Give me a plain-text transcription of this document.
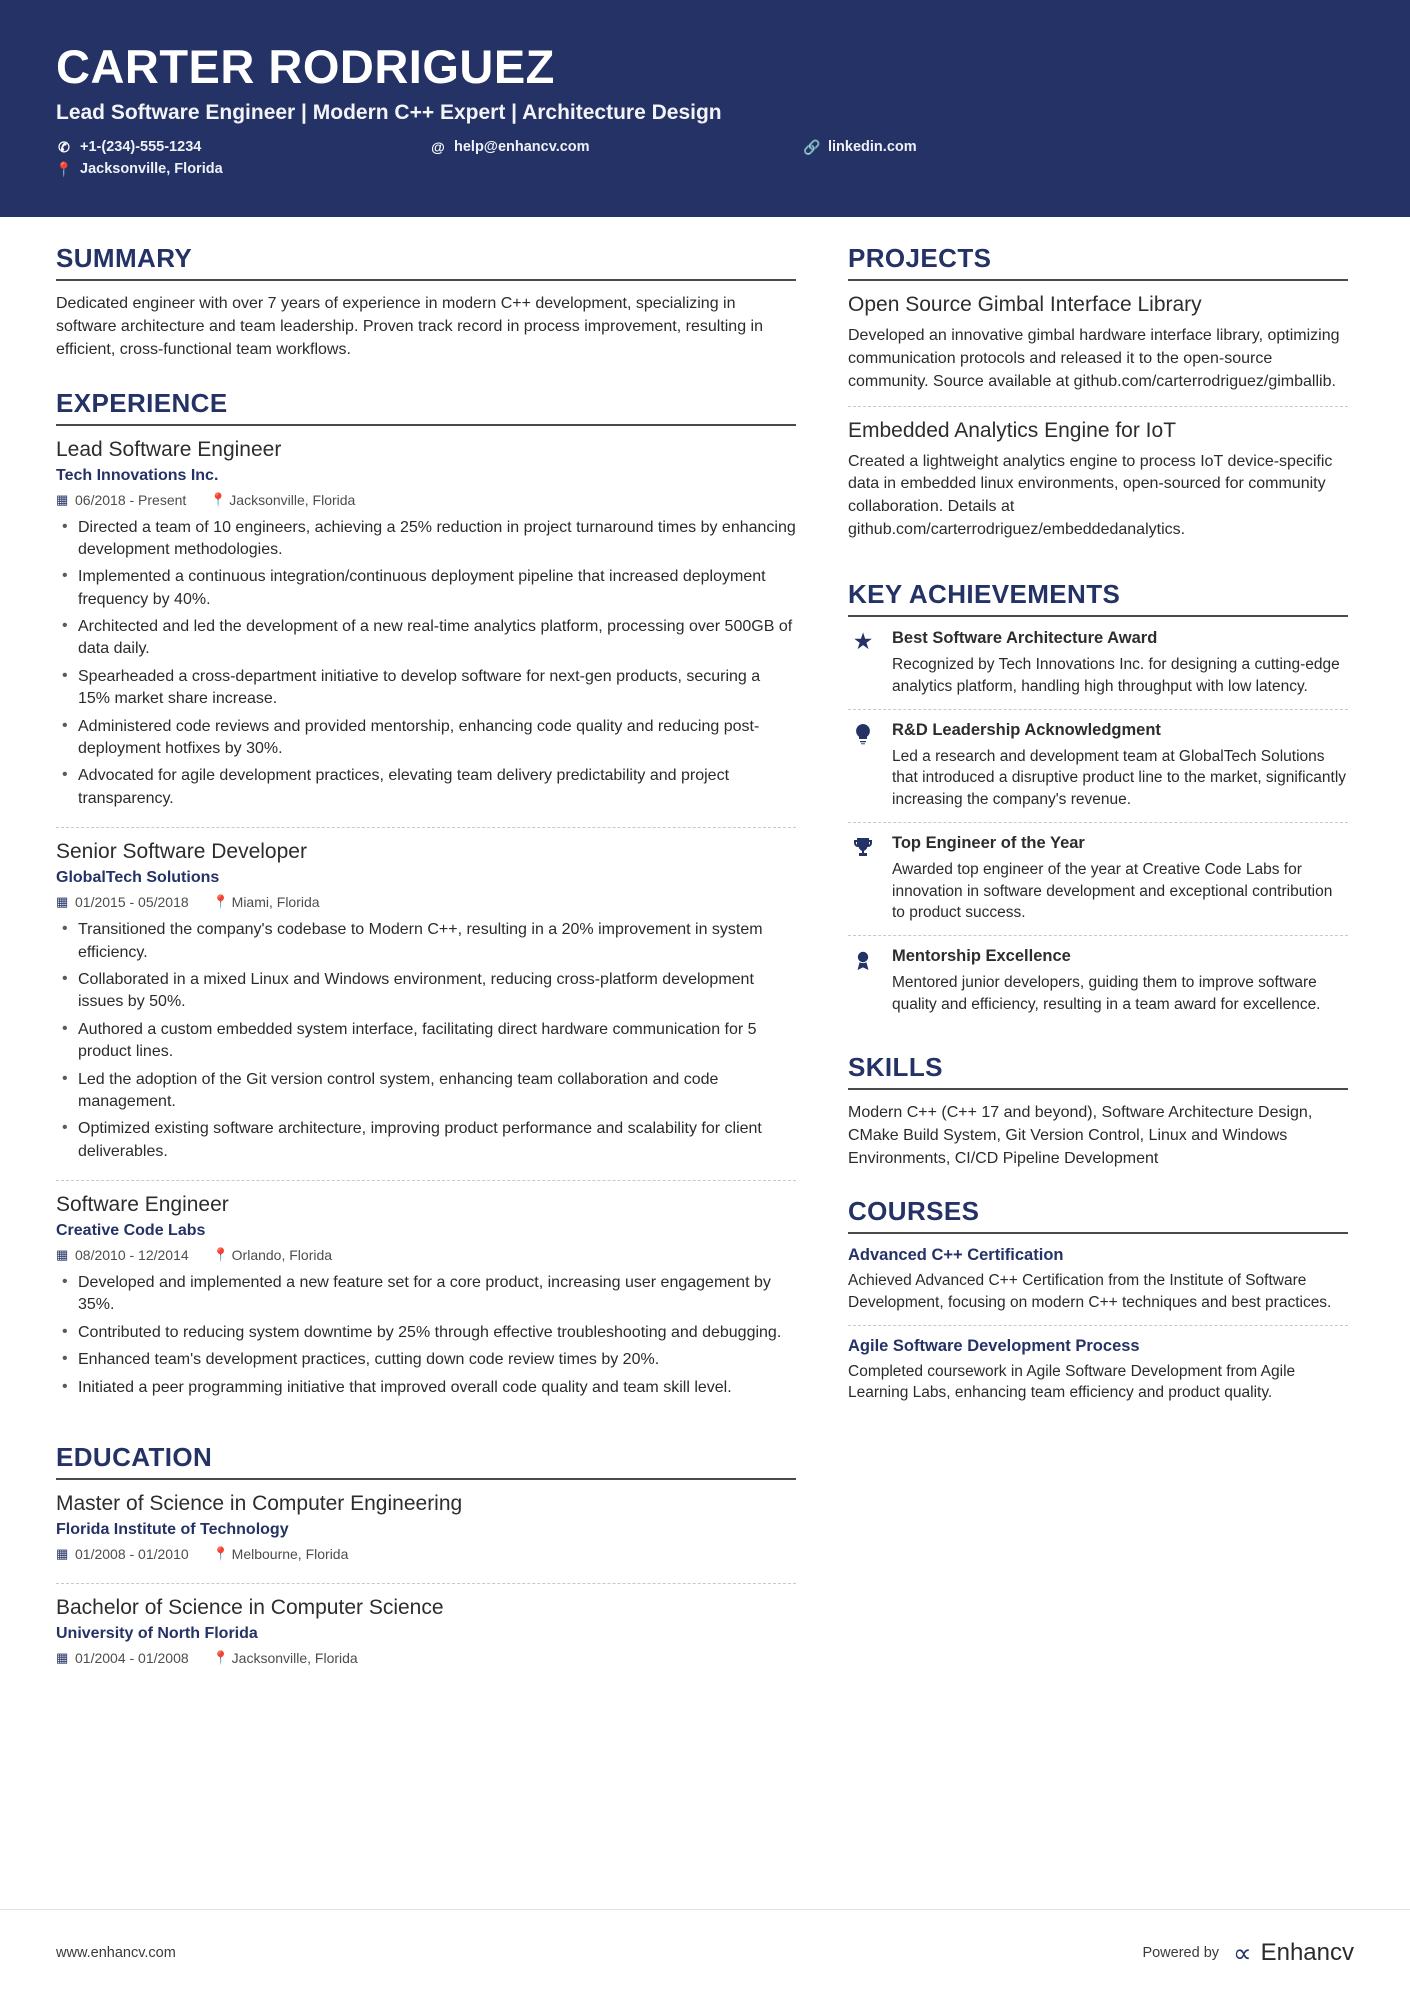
CARTER RODRIGUEZ
Lead Software Engineer | Modern C++ Expert | Architecture Design
✆ +1-(234)-555-1234	@ help@enhancv.com	🔗 linkedin.com
📍 Jacksonville, Florida
SUMMARY
Dedicated engineer with over 7 years of experience in modern C++ development, specializing in software architecture and team leadership. Proven track record in process improvement, resulting in efficient, cross-functional team workflows.
EXPERIENCE
Lead Software Engineer
Tech Innovations Inc.
▦ 06/2018 - Present 📍 Jacksonville, Florida
• Directed a team of 10 engineers, achieving a 25% reduction in project turnaround times by enhancing development methodologies.
• Implemented a continuous integration/continuous deployment pipeline that increased deployment frequency by 40%.
• Architected and led the development of a new real-time analytics platform, processing over 500GB of data daily.
• Spearheaded a cross-department initiative to develop software for next-gen products, securing a 15% market share increase.
• Administered code reviews and provided mentorship, enhancing code quality and reducing post-deployment hotfixes by 30%.
• Advocated for agile development practices, elevating team delivery predictability and project transparency.
Senior Software Developer
GlobalTech Solutions
▦ 01/2015 - 05/2018 📍 Miami, Florida
• Transitioned the company's codebase to Modern C++, resulting in a 20% improvement in system efficiency.
• Collaborated in a mixed Linux and Windows environment, reducing cross-platform development issues by 50%.
• Authored a custom embedded system interface, facilitating direct hardware communication for 5 product lines.
• Led the adoption of the Git version control system, enhancing team collaboration and code management.
• Optimized existing software architecture, improving product performance and scalability for client deliverables.
Software Engineer
Creative Code Labs
▦ 08/2010 - 12/2014 📍 Orlando, Florida
• Developed and implemented a new feature set for a core product, increasing user engagement by 35%.
• Contributed to reducing system downtime by 25% through effective troubleshooting and debugging.
• Enhanced team's development practices, cutting down code review times by 20%.
• Initiated a peer programming initiative that improved overall code quality and team skill level.
EDUCATION
Master of Science in Computer Engineering
Florida Institute of Technology
▦ 01/2008 - 01/2010 📍 Melbourne, Florida
Bachelor of Science in Computer Science
University of North Florida
▦ 01/2004 - 01/2008 📍 Jacksonville, Florida
PROJECTS
Open Source Gimbal Interface Library
Developed an innovative gimbal hardware interface library, optimizing communication protocols and released it to the open-source community. Source available at github.com/carterrodriguez/gimballib.
Embedded Analytics Engine for IoT
Created a lightweight analytics engine to process IoT device-specific data in embedded linux environments, open-sourced for community collaboration. Details at github.com/carterrodriguez/embeddedanalytics.
KEY ACHIEVEMENTS
★ Best Software Architecture Award
Recognized by Tech Innovations Inc. for designing a cutting-edge analytics platform, handling high throughput with low latency.
R&D Leadership Acknowledgment
Led a research and development team at GlobalTech Solutions that introduced a disruptive product line to the market, significantly increasing the company's revenue.
Top Engineer of the Year
Awarded top engineer of the year at Creative Code Labs for innovation in software development and exceptional contribution to product success.
Mentorship Excellence
Mentored junior developers, guiding them to improve software quality and efficiency, resulting in a team award for excellence.
SKILLS
Modern C++ (C++ 17 and beyond), Software Architecture Design, CMake Build System, Git Version Control, Linux and Windows Environments, CI/CD Pipeline Development
COURSES
Advanced C++ Certification
Achieved Advanced C++ Certification from the Institute of Software Development, focusing on modern C++ techniques and best practices.
Agile Software Development Process
Completed coursework in Agile Software Development from Agile Learning Labs, enhancing team efficiency and product quality.
www.enhancv.com	Powered by ∝ Enhancv
